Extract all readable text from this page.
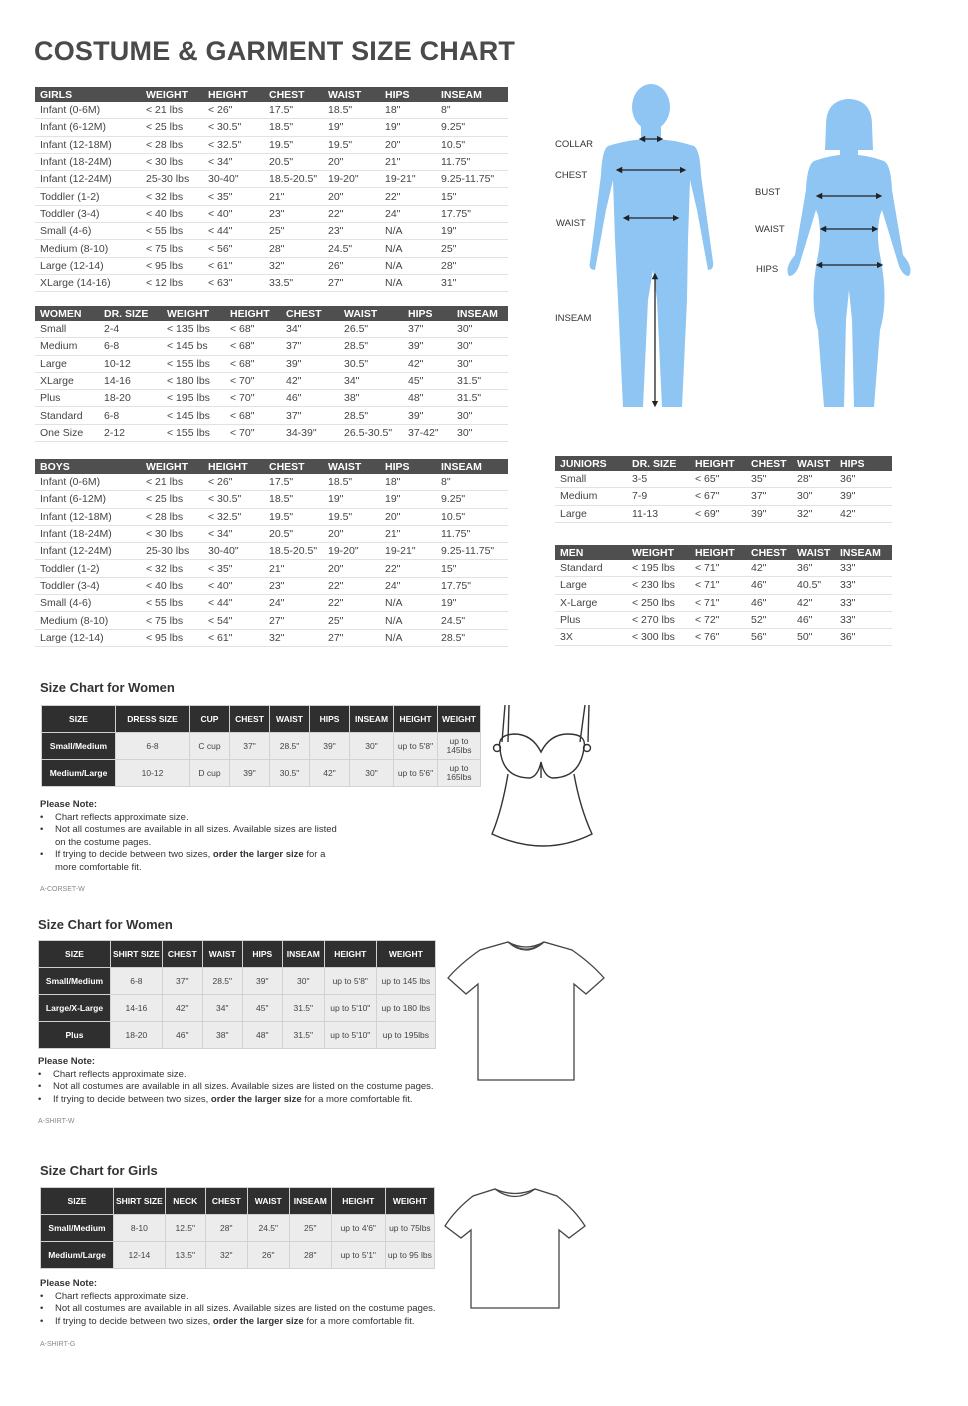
COSTUME & GARMENT SIZE CHART
GIRLS	WEIGHT	HEIGHT	CHEST	WAIST	HIPS	INSEAM
Infant (0-6M)	< 21 lbs	< 26"	17.5"	18.5"	18"	8"
Infant (6-12M)	< 25 lbs	< 30.5"	18.5"	19"	19"	9.25"
Infant (12-18M)	< 28 lbs	< 32.5"	19.5"	19.5"	20"	10.5"
Infant (18-24M)	< 30 lbs	< 34"	20.5"	20"	21"	11.75"
Infant (12-24M)	25-30 lbs	30-40"	18.5-20.5"	19-20"	19-21"	9.25-11.75"
Toddler (1-2)	< 32 lbs	< 35"	21"	20"	22"	15"
Toddler (3-4)	< 40 lbs	< 40"	23"	22"	24"	17.75"
Small (4-6)	< 55 lbs	< 44"	25"	23"	N/A	19"
Medium (8-10)	< 75 lbs	< 56"	28"	24.5"	N/A	25"
Large (12-14)	< 95 lbs	< 61"	32"	26"	N/A	28"
XLarge (14-16)	< 12 lbs	< 63"	33.5"	27"	N/A	31"
WOMEN	DR. SIZE	WEIGHT	HEIGHT	CHEST	WAIST	HIPS	INSEAM
Small	2-4	< 135 lbs	< 68"	34"	26.5"	37"	30"
Medium	6-8	< 145 bs	< 68"	37"	28.5"	39"	30"
Large	10-12	< 155 lbs	< 68"	39"	30.5"	42"	30"
XLarge	14-16	< 180 lbs	< 70"	42"	34"	45"	31.5"
Plus	18-20	< 195 lbs	< 70"	46"	38"	48"	31.5"
Standard	6-8	< 145 lbs	< 68"	37"	28.5"	39"	30"
One Size	2-12	< 155 lbs	< 70"	34-39"	26.5-30.5"	37-42"	30"
BOYS	WEIGHT	HEIGHT	CHEST	WAIST	HIPS	INSEAM
Infant (0-6M)	< 21 lbs	< 26"	17.5"	18.5"	18"	8"
Infant (6-12M)	< 25 lbs	< 30.5"	18.5"	19"	19"	9.25"
Infant (12-18M)	< 28 lbs	< 32.5"	19.5"	19.5"	20"	10.5"
Infant (18-24M)	< 30 lbs	< 34"	20.5"	20"	21"	11.75"
Infant (12-24M)	25-30 lbs	30-40"	18.5-20.5"	19-20"	19-21"	9.25-11.75"
Toddler (1-2)	< 32 lbs	< 35"	21"	20"	22"	15"
Toddler (3-4)	< 40 lbs	< 40"	23"	22"	24"	17.75"
Small (4-6)	< 55 lbs	< 44"	24"	22"	N/A	19"
Medium (8-10)	< 75 lbs	< 54"	27"	25"	N/A	24.5"
Large (12-14)	< 95 lbs	< 61"	32"	27"	N/A	28.5"
JUNIORS	DR. SIZE	HEIGHT	CHEST	WAIST	HIPS
Small	3-5	< 65"	35"	28"	36"
Medium	7-9	< 67"	37"	30"	39"
Large	11-13	< 69"	39"	32"	42"
MEN	WEIGHT	HEIGHT	CHEST	WAIST	INSEAM
Standard	< 195 lbs	< 71"	42"	36"	33"
Large	< 230 lbs	< 71"	46"	40.5"	33"
X-Large	< 250 lbs	< 71"	46"	42"	33"
Plus	< 270 lbs	< 72"	52"	46"	33"
3X	< 300 lbs	< 76"	56"	50"	36"
COLLAR
CHEST
WAIST
INSEAM
BUST
WAIST
HIPS
Size Chart for Women
SIZE	DRESS SIZE	CUP	CHEST	WAIST	HIPS	INSEAM	HEIGHT	WEIGHT
Small/Medium	6-8	C cup	37"	28.5"	39"	30"	up to 5'8"	up to 145lbs
Medium/Large	10-12	D cup	39"	30.5"	42"	30"	up to 5'6"	up to 165lbs
Please Note:
• Chart reflects approximate size.
• Not all costumes are available in all sizes. Available sizes are listed on the costume pages.
• If trying to decide between two sizes, order the larger size for a more comfortable fit.
A-CORSET-W
Size Chart for Women
SIZE	SHIRT SIZE	CHEST	WAIST	HIPS	INSEAM	HEIGHT	WEIGHT
Small/Medium	6-8	37"	28.5"	39"	30"	up to 5'8"	up to 145 lbs
Large/X-Large	14-16	42"	34"	45"	31.5"	up to 5'10"	up to 180 lbs
Plus	18-20	46"	38"	48"	31.5"	up to 5'10"	up to 195lbs
Please Note:
• Chart reflects approximate size.
• Not all costumes are available in all sizes. Available sizes are listed on the costume pages.
• If trying to decide between two sizes, order the larger size for a more comfortable fit.
A-SHIRT-W
Size Chart for Girls
SIZE	SHIRT SIZE	NECK	CHEST	WAIST	INSEAM	HEIGHT	WEIGHT
Small/Medium	8-10	12.5"	28"	24.5"	25"	up to 4'6"	up to 75lbs
Medium/Large	12-14	13.5"	32"	26"	28"	up to 5'1"	up to 95 lbs
Please Note:
• Chart reflects approximate size.
• Not all costumes are available in all sizes. Available sizes are listed on the costume pages.
• If trying to decide between two sizes, order the larger size for a more comfortable fit.
A-SHIRT-G
